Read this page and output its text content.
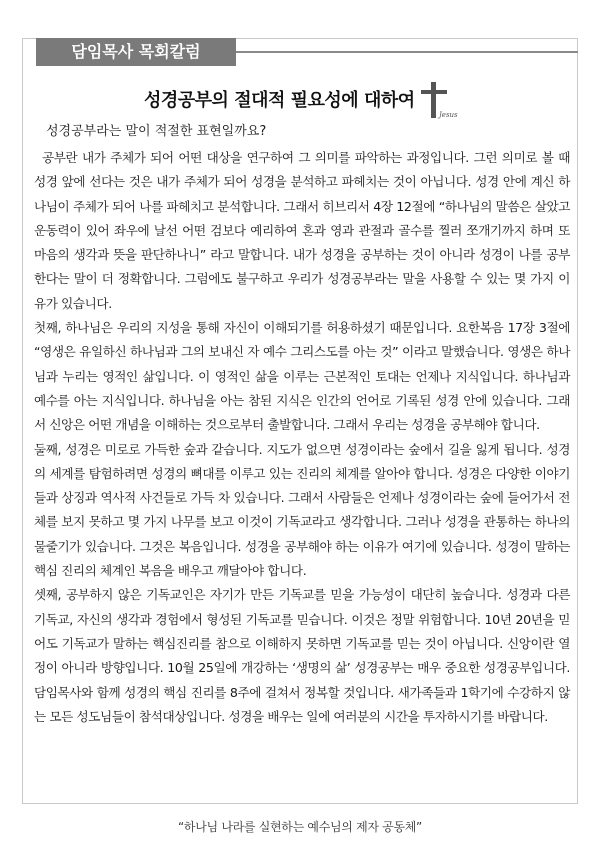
담임목사 목회칼럼
성경공부의 절대적 필요성에 대하여
Jesus
성경공부라는 말이 적절한 표현일까요?

공부란 내가 주체가 되어 어떤 대상을 연구하여 그 의미를 파악하는 과정입니다. 그런 의미로 볼 때 성경 앞에 선다는 것은 내가 주체가 되어 성경을 분석하고 파헤치는 것이 아닙니다. 성경 안에 계신 하나님이 주체가 되어 나를 파헤치고 분석합니다. 그래서 히브리서 4장 12절에 “하나님의 말씀은 살았고 운동력이 있어 좌우에 날선 어떤 검보다 예리하여 혼과 영과 관절과 골수를 찔러 쪼개기까지 하며 또 마음의 생각과 뜻을 판단하나니” 라고 말합니다. 내가 성경을 공부하는 것이 아니라 성경이 나를 공부한다는 말이 더 정확합니다. 그럼에도 불구하고 우리가 성경공부라는 말을 사용할 수 있는 몇 가지 이유가 있습니다.

첫째, 하나님은 우리의 지성을 통해 자신이 이해되기를 허용하셨기 때문입니다. 요한복음 17장 3절에 “영생은 유일하신 하나님과 그의 보내신 자 예수 그리스도를 아는 것” 이라고 말했습니다. 영생은 하나님과 누리는 영적인 삶입니다. 이 영적인 삶을 이루는 근본적인 토대는 언제나 지식입니다. 하나님과 예수를 아는 지식입니다. 하나님을 아는 참된 지식은 인간의 언어로 기록된 성경 안에 있습니다. 그래서 신앙은 어떤 개념을 이해하는 것으로부터 출발합니다. 그래서 우리는 성경을 공부해야 합니다.

둘째, 성경은 미로로 가득한 숲과 같습니다. 지도가 없으면 성경이라는 숲에서 길을 잃게 됩니다. 성경의 세계를 탐험하려면 성경의 뼈대를 이루고 있는 진리의 체계를 알아야 합니다. 성경은 다양한 이야기들과 상징과 역사적 사건들로 가득 차 있습니다. 그래서 사람들은 언제나 성경이라는 숲에 들어가서 전체를 보지 못하고 몇 가지 나무를 보고 이것이 기독교라고 생각합니다. 그러나 성경을 관통하는 하나의 물줄기가 있습니다. 그것은 복음입니다. 성경을 공부해야 하는 이유가 여기에 있습니다. 성경이 말하는 핵심 진리의 체계인 복음을 배우고 깨달아야 합니다.

셋째, 공부하지 않은 기독교인은 자기가 만든 기독교를 믿을 가능성이 대단히 높습니다. 성경과 다른 기독교, 자신의 생각과 경험에서 형성된 기독교를 믿습니다. 이것은 정말 위험합니다. 10년 20년을 믿어도 기독교가 말하는 핵심진리를 참으로 이해하지 못하면 기독교를 믿는 것이 아닙니다. 신앙이란 열정이 아니라 방향입니다. 10월 25일에 개강하는 ‘생명의 삶’ 성경공부는 매우 중요한 성경공부입니다. 담임목사와 함께 성경의 핵심 진리를 8주에 걸쳐서 정복할 것입니다. 새가족들과 1학기에 수강하지 않는 모든 성도님들이 참석대상입니다. 성경을 배우는 일에 여러분의 시간을 투자하시기를 바랍니다.

“하나님 나라를 실현하는 예수님의 제자 공동체”
